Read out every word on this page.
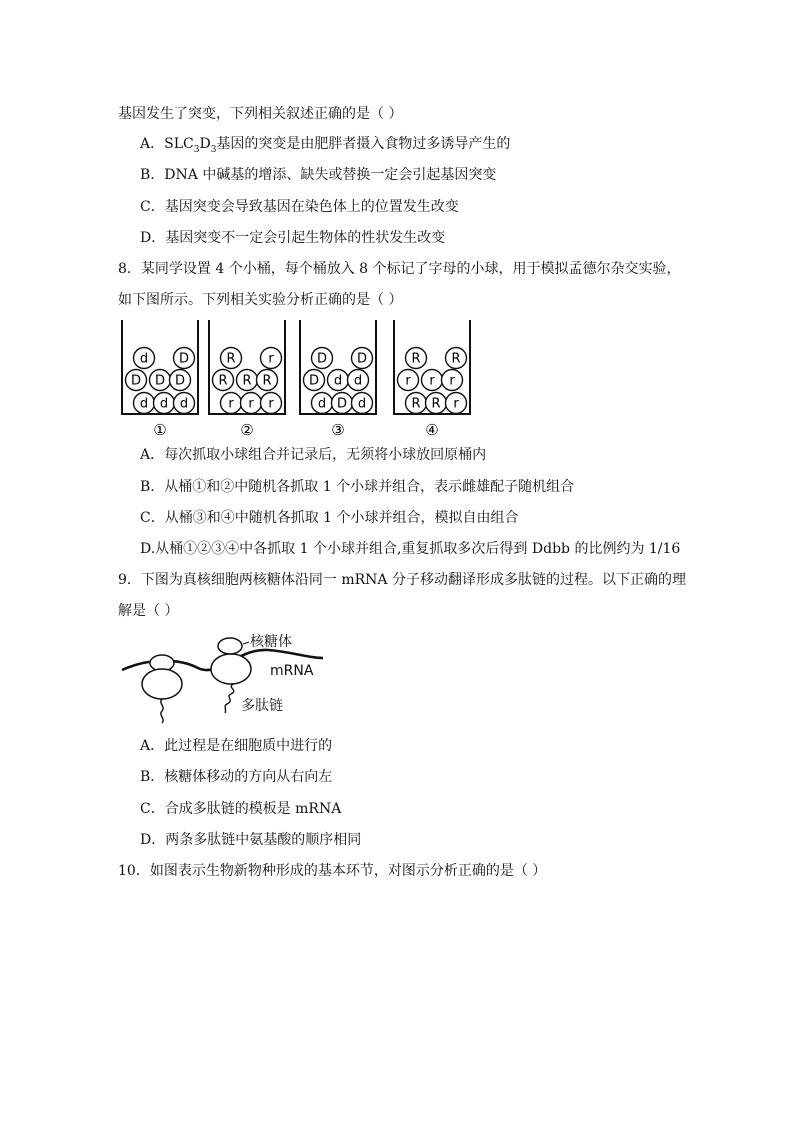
基因发生了突变，下列相关叙述正确的是（ ）
A．$SLC_3D_3$基因的突变是由肥胖者摄入食物过多诱导产生的
B．DNA 中碱基的增添、缺失或替换一定会引起基因突变
C．基因突变会导致基因在染色体上的位置发生改变
D．基因突变不一定会引起生物体的性状发生改变
8．某同学设置 4 个小桶，每个桶放入 8 个标记了字母的小球，用于模拟孟德尔杂交实验，
如下图所示。下列相关实验分析正确的是（ ）
d D
D D D
d d d
①
R	r
R R R
r r r
②
D D
D d d
d D d
③
R R
r r r
R R r
④
A．每次抓取小球组合并记录后，无须将小球放回原桶内
B．从桶①和②中随机各抓取 1 个小球并组合，表示雌雄配子随机组合
C．从桶③和④中随机各抓取 1 个小球并组合，模拟自由组合
D.从桶①②③④中各抓取 1 个小球并组合,重复抓取多次后得到 Ddbb 的比例约为 1/16
9．下图为真核细胞两核糖体沿同一 mRNA 分子移动翻译形成多肽链的过程。以下正确的理
解是（ ）
核糖体
mRNA
多肽链
A．此过程是在细胞质中进行的
B．核糖体移动的方向从右向左
C．合成多肽链的模板是 mRNA
D．两条多肽链中氨基酸的顺序相同
10．如图表示生物新物种形成的基本环节，对图示分析正确的是（ ）
